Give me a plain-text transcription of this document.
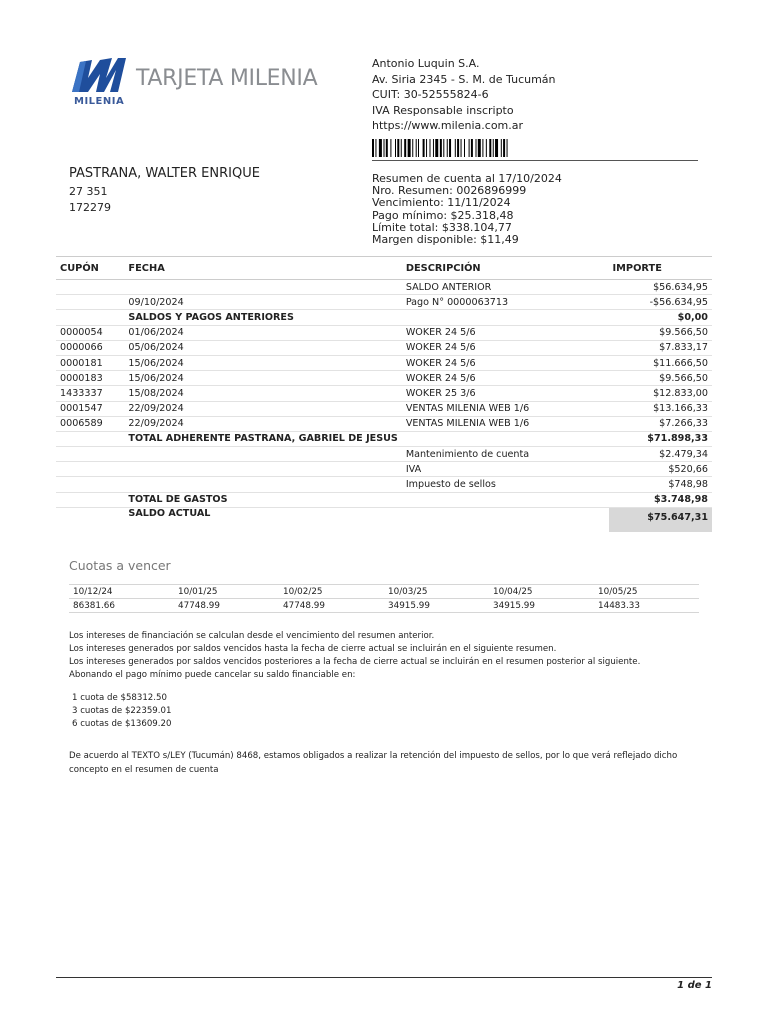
TARJETA MILENIA
MILENIA
Antonio Luquin S.A.
Av. Siria 2345 - S. M. de Tucumán
CUIT: 30-52555824-6
IVA Responsable inscripto
https://www.milenia.com.ar
PASTRANA, WALTER ENRIQUE
27 351
172279
Resumen de cuenta al 17/10/2024
Nro. Resumen: 0026896999
Vencimiento: 11/11/2024
Pago mínimo: $25.318,48
Límite total: $338.104,77
Margen disponible: $11,49
CUPÓN	FECHA	DESCRIPCIÓN	IMPORTE
		SALDO ANTERIOR	$56.634,95
	09/10/2024	Pago N° 0000063713	-$56.634,95
	SALDOS Y PAGOS ANTERIORES		$0,00
0000054	01/06/2024	WOKER 24 5/6	$9.566,50
0000066	05/06/2024	WOKER 24 5/6	$7.833,17
0000181	15/06/2024	WOKER 24 5/6	$11.666,50
0000183	15/06/2024	WOKER 24 5/6	$9.566,50
1433337	15/08/2024	WOKER 25 3/6	$12.833,00
0001547	22/09/2024	VENTAS MILENIA WEB 1/6	$13.166,33
0006589	22/09/2024	VENTAS MILENIA WEB 1/6	$7.266,33
	TOTAL ADHERENTE PASTRANA, GABRIEL DE JESUS		$71.898,33
		Mantenimiento de cuenta	$2.479,34
		IVA	$520,66
		Impuesto de sellos	$748,98
	TOTAL DE GASTOS		$3.748,98
	SALDO ACTUAL		$75.647,31
Cuotas a vencer
10/12/24	10/01/25	10/02/25	10/03/25	10/04/25	10/05/25
86381.66	47748.99	47748.99	34915.99	34915.99	14483.33

Los intereses de financiación se calculan desde el vencimiento del resumen anterior.

Los intereses generados por saldos vencidos hasta la fecha de cierre actual se incluirán en el siguiente resumen.

Los intereses generados por saldos vencidos posteriores a la fecha de cierre actual se incluirán en el resumen posterior al siguiente.

Abonando el pago mínimo puede cancelar su saldo financiable en:

1 cuota de $58312.50
3 cuotas de $22359.01
6 cuotas de $13609.20
De acuerdo al TEXTO s/LEY (Tucumán) 8468, estamos obligados a realizar la retención del impuesto de sellos, por lo que verá reflejado dicho concepto en el resumen de cuenta
1 de 1
